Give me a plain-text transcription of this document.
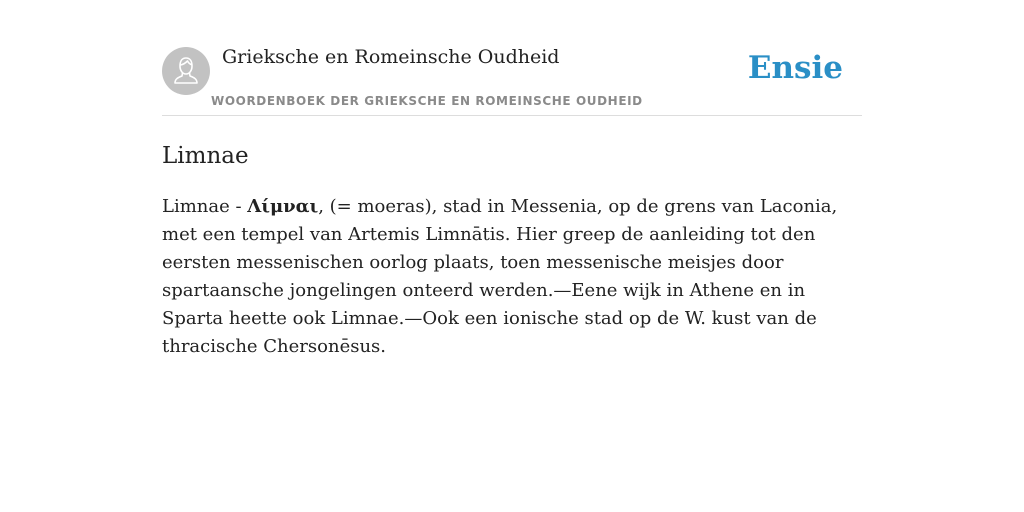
Grieksche en Romeinsche Oudheid
WOORDENBOEK DER GRIEKSCHE EN ROMEINSCHE OUDHEID
Ensie
Limnae

Limnae - Λίμναι, (= moeras), stad in Messenia, op de grens van Laconia, met een tempel van Artemis Limnātis. Hier greep de aanleiding tot den eersten messenischen oorlog plaats, toen messenische meisjes door spartaansche jongelingen onteerd werden.—Eene wijk in Athene en in Sparta heette ook Limnae.—Ook een ionische stad op de W. kust van de thracische Chersonēsus.
